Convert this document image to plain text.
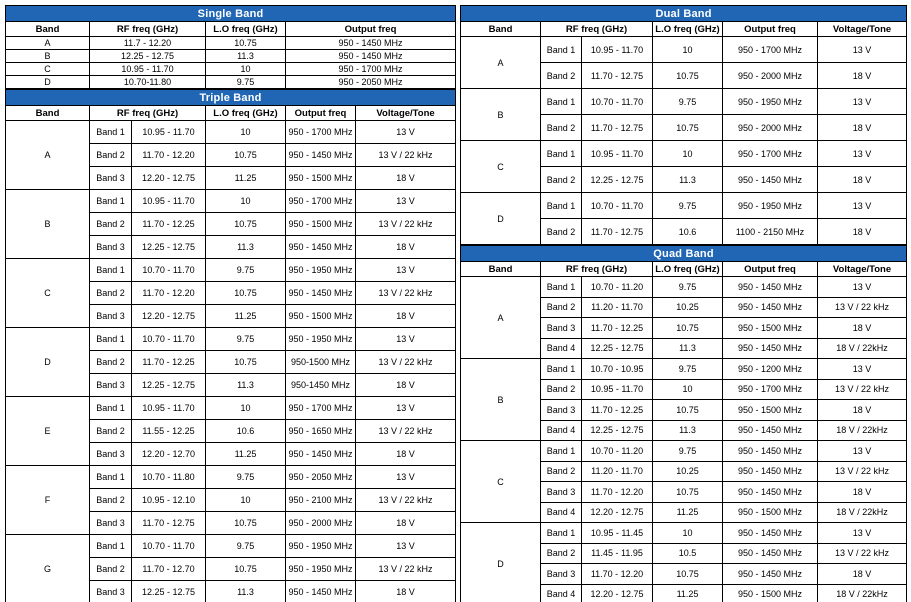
Single Band			
Band	RF freq (GHz)	L.O freq (GHz)	Output freq
A	11.7 - 12.20	10.75	950 - 1450 MHz
B	12.25 - 12.75	11.3	950 - 1450 MHz
C	10.95 - 11.70	10	950 - 1700 MHz
D	10.70-11.80	9.75	950 - 2050 MHz
Triple Band					
Band	RF freq (GHz)		L.O freq (GHz)	Output freq	Voltage/Tone
A	Band 1	10.95 - 11.70	10	950 - 1700 MHz	13 V
	Band 2	11.70 - 12.20	10.75	950 - 1450 MHz	13 V / 22 kHz
	Band 3	12.20 - 12.75	11.25	950 - 1500 MHz	18 V
B	Band 1	10.95 - 11.70	10	950 - 1700 MHz	13 V
	Band 2	11.70 - 12.25	10.75	950 - 1500 MHz	13 V / 22 kHz
	Band 3	12.25 - 12.75	11.3	950 - 1450 MHz	18 V
C	Band 1	10.70 - 11.70	9.75	950 - 1950 MHz	13 V
	Band 2	11.70 - 12.20	10.75	950 - 1450 MHz	13 V / 22 kHz
	Band 3	12.20 - 12.75	11.25	950 - 1500 MHz	18 V
D	Band 1	10.70 - 11.70	9.75	950 - 1950 MHz	13 V
	Band 2	11.70 - 12.25	10.75	950-1500 MHz	13 V / 22 kHz
	Band 3	12.25 - 12.75	11.3	950-1450 MHz	18 V
E	Band 1	10.95 - 11.70	10	950 - 1700 MHz	13 V
	Band 2	11.55 - 12.25	10.6	950 - 1650 MHz	13 V / 22 kHz
	Band 3	12.20 - 12.70	11.25	950 - 1450 MHz	18 V
F	Band 1	10.70 - 11.80	9.75	950 - 2050 MHz	13 V
	Band 2	10.95 - 12.10	10	950 - 2100 MHz	13 V / 22 kHz
	Band 3	11.70 - 12.75	10.75	950 - 2000 MHz	18 V
G	Band 1	10.70 - 11.70	9.75	950 - 1950 MHz	13 V
	Band 2	11.70 - 12.70	10.75	950 - 1950 MHz	13 V / 22 kHz
	Band 3	12.25 - 12.75	11.3	950 - 1450 MHz	18 V
Dual Band					
Band	RF freq (GHz)		L.O freq (GHz)	Output freq	Voltage/Tone
A	Band 1	10.95 - 11.70	10	950 - 1700 MHz	13 V
	Band 2	11.70 - 12.75	10.75	950 - 2000 MHz	18 V
B	Band 1	10.70 - 11.70	9.75	950 - 1950 MHz	13 V
	Band 2	11.70 - 12.75	10.75	950 - 2000 MHz	18 V
C	Band 1	10.95 - 11.70	10	950 - 1700 MHz	13 V
	Band 2	12.25 - 12.75	11.3	950 - 1450 MHz	18 V
D	Band 1	10.70 - 11.70	9.75	950 - 1950 MHz	13 V
	Band 2	11.70 - 12.75	10.6	1100 - 2150 MHz	18 V
Quad Band					
Band	RF freq (GHz)		L.O freq (GHz)	Output freq	Voltage/Tone
A	Band 1	10.70 - 11.20	9.75	950 - 1450 MHz	13 V
	Band 2	11.20 - 11.70	10.25	950 - 1450 MHz	13 V / 22 kHz
	Band 3	11.70 - 12.25	10.75	950 - 1500 MHz	18 V
	Band 4	12.25 - 12.75	11.3	950 - 1450 MHz	18 V / 22kHz
B	Band 1	10.70 - 10.95	9.75	950 - 1200 MHz	13 V
	Band 2	10.95 - 11.70	10	950 - 1700 MHz	13 V / 22 kHz
	Band 3	11.70 - 12.25	10.75	950 - 1500 MHz	18 V
	Band 4	12.25 - 12.75	11.3	950 - 1450 MHz	18 V / 22kHz
C	Band 1	10.70 - 11.20	9.75	950 - 1450 MHz	13 V
	Band 2	11.20 - 11.70	10.25	950 - 1450 MHz	13 V / 22 kHz
	Band 3	11.70 - 12.20	10.75	950 - 1450 MHz	18 V
	Band 4	12.20 - 12.75	11.25	950 - 1500 MHz	18 V / 22kHz
D	Band 1	10.95 - 11.45	10	950 - 1450 MHz	13 V
	Band 2	11.45 - 11.95	10.5	950 - 1450 MHz	13 V / 22 kHz
	Band 3	11.70 - 12.20	10.75	950 - 1450 MHz	18 V
	Band 4	12.20 - 12.75	11.25	950 - 1500 MHz	18 V / 22kHz
